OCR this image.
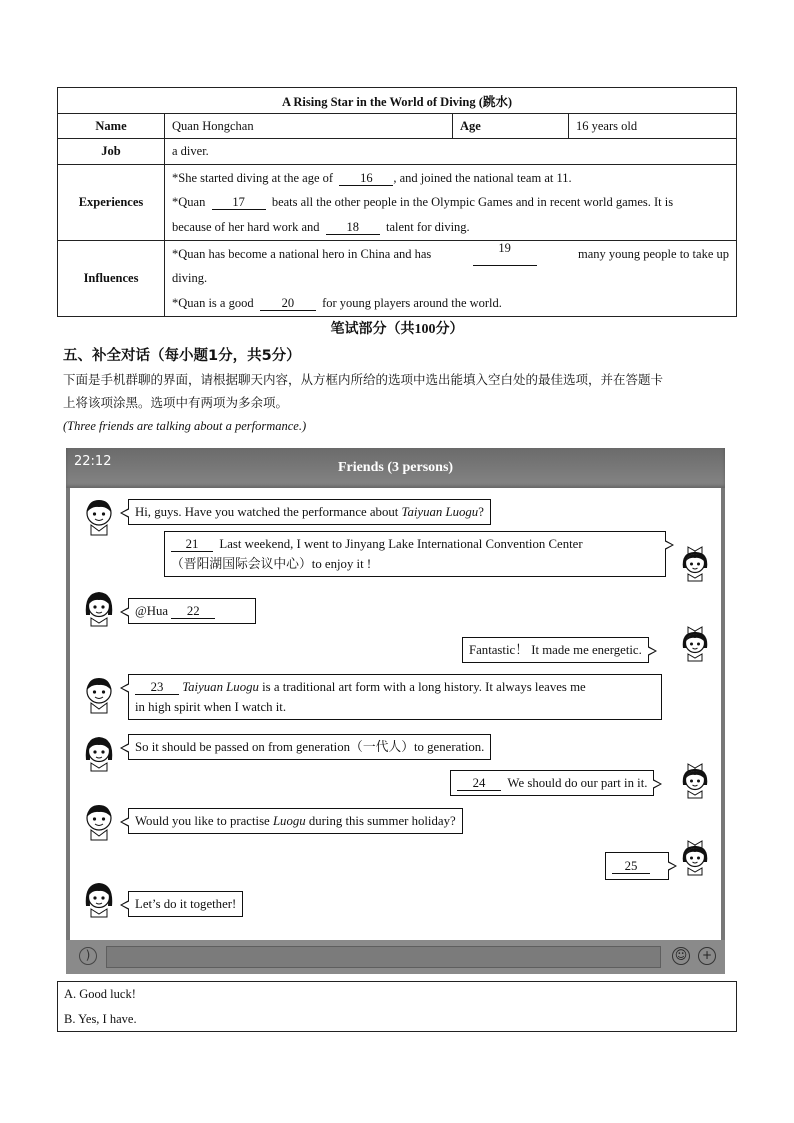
A Rising Star in the World of Diving (跳水)			
Name	Quan Hongchan	Age	16 years old
Job	a diver.		
Experiences	*She started diving at the age of 16 , and joined the national team at 11.
*Quan 17 beats all the other people in the Olympic Games and in recent world games. It is
because of her hard work and 18 talent for diving.		

Influences	*Quan has become a national hero in China and has 19 many young people to take up
diving.
*Quan is a good 20 for young players around the world.		
笔试部分（共100分）
五、补全对话（每小题1分，共5分）
下面是手机群聊的界面，请根据聊天内容，从方框内所给的选项中选出能填入空白处的最佳选项，并在答题卡
上将该项涂黑。选项中有两项为多余项。
(Three friends are talking about a performance.)
22:12	Friends (3 persons)
Hi, guys. Have you watched the performance about Taiyuan Luogu?
21 Last weekend, I went to Jinyang Lake International Convention Center
（晋阳湖国际会议中心）to enjoy it !
@Hua 22
Fantastic！ It made me energetic.
23 Taiyuan Luogu is a traditional art form with a long history. It always leaves me
in high spirit when I watch it.
So it should be passed on from generation（一代人）to generation.
24 We should do our part in it.
Would you like to practise Luogu during this summer holiday?
25
Let’s do it together!
)	☺	+
A. Good luck!
B. Yes, I have.
